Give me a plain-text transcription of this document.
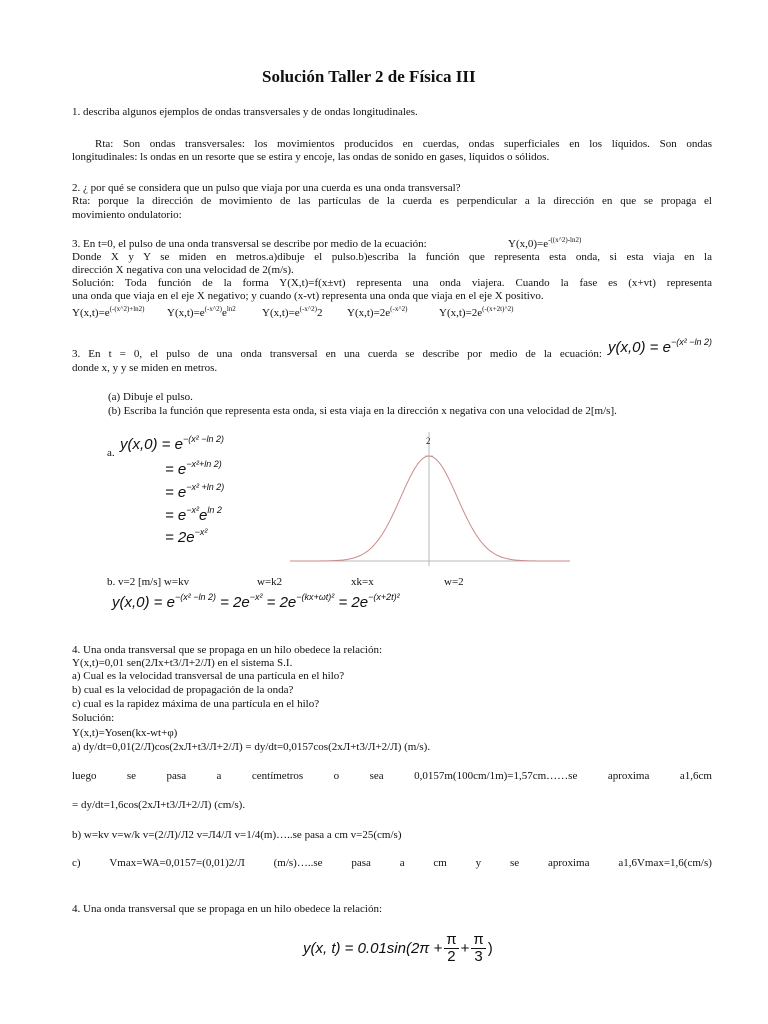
Solución Taller 2 de Física III
1. describa algunos ejemplos de ondas transversales y de ondas longitudinales.
Rta: Son ondas transversales: los movimientos producidos en cuerdas, ondas superficiales en los líquidos. Son ondas
longitudinales: ls ondas en un resorte que se estira y encoje, las ondas de sonido en gases, líquidos o sólidos.
2. ¿ por qué se considera que un pulso que viaja por una cuerda es una onda transversal?
Rta: porque la dirección de movimiento de las partículas de la cuerda es perpendicular a la dirección en que se propaga el
movimiento ondulatorio:
3. En t=0, el pulso de una onda transversal se describe por medio de la ecuación:	$Y(x,0)=e^{-((x\^{}2)-ln2)}$
Donde X y Y se miden en metros.a)dibuje el pulso.b)escriba la función que representa esta onda, si esta viaja en la
dirección X negativa con una velocidad de 2(m/s).
Solución: Toda función de la forma Y(X,t)=f(x±vt) representa una onda viajera. Cuando la fase es (x+vt) representa
una onda que viaja en el eje X negativo; y cuando (x-vt) representa una onda que viaja en el eje X positivo.
$Y(x,t)=e^{(-(x\^{}2)+ln2)}$ $Y(x,t)=e^{(-x\^{}2)}e^{ln2}$ $Y(x,t)=e^{(-x\^{}2)}2$ $Y(x,t)=2e^{(-x\^{}2)}$	$Y(x,t)=2e^{(-(x+2t)\^{}2)}$
3. En t = 0, el pulso de una onda transversal en una cuerda se describe por medio de la ecuación: $y(x,0) = e^{-(x^2 -ln 2)}$
donde x, y y se miden en metros.
(a) Dibuje el pulso.
(b) Escriba la función que representa esta onda, si esta viaja en la dirección x negativa con una velocidad de 2[m/s].
a. $y(x,0) = e^{-(x^2 -ln 2)}$
= $e^{-x^2+ln 2)}$
= $e^{-x^2 +ln 2)}$
= $e^{-x^2}e^{ln 2}$
= $2e^{-x^2}$
2
b. v=2 [m/s] w=kv	w=k2	xk=x	w=2
$y(x,0) = e^{-(x^2 -ln 2)} = 2e^{-x^2} = 2e^{-(kx+\omega t)^2} = 2e^{-(x+2t)^2}$
4. Una onda transversal que se propaga en un hilo obedece la relación:
Y(x,t)=0,01 sen(2Лx+t3/Л+2/Л) en el sistema S.I.
a) Cual es la velocidad transversal de una partícula en el hilo?
b) cual es la velocidad de propagación de la onda?
c) cual es la rapidez máxima de una partícula en el hilo?
Solución:
Y(x,t)=Yosen(kx-wt+φ)
a) dy/dt=0,01(2/Л)cos(2xЛ+t3/Л+2/Л) = dy/dt=0,0157cos(2xЛ+t3/Л+2/Л) (m/s).
luego	se	pasa	a	centímetros	o	sea	0,0157m(100cm/1m)=1,57cm……se	aproxima	a1,6cm
= dy/dt=1,6cos(2xЛ+t3/Л+2/Л) (cm/s).
b) w=kv v=w/k v=(2/Л)/Л2 v=Л4/Л v=1/4(m)…..se pasa a cm v=25(cm/s)
c)	Vmax=WA=0,0157=(0,01)2/Л	(m/s)…..se	pasa	a	cm	y	se	aproxima	a1,6Vmax=1,6(cm/s)
4. Una onda transversal que se propaga en un hilo obedece la relación:
y(x, $t) = 0.01\sin(2\pi + \frac{\pi}{2} + \frac{\pi}{3}$ )
